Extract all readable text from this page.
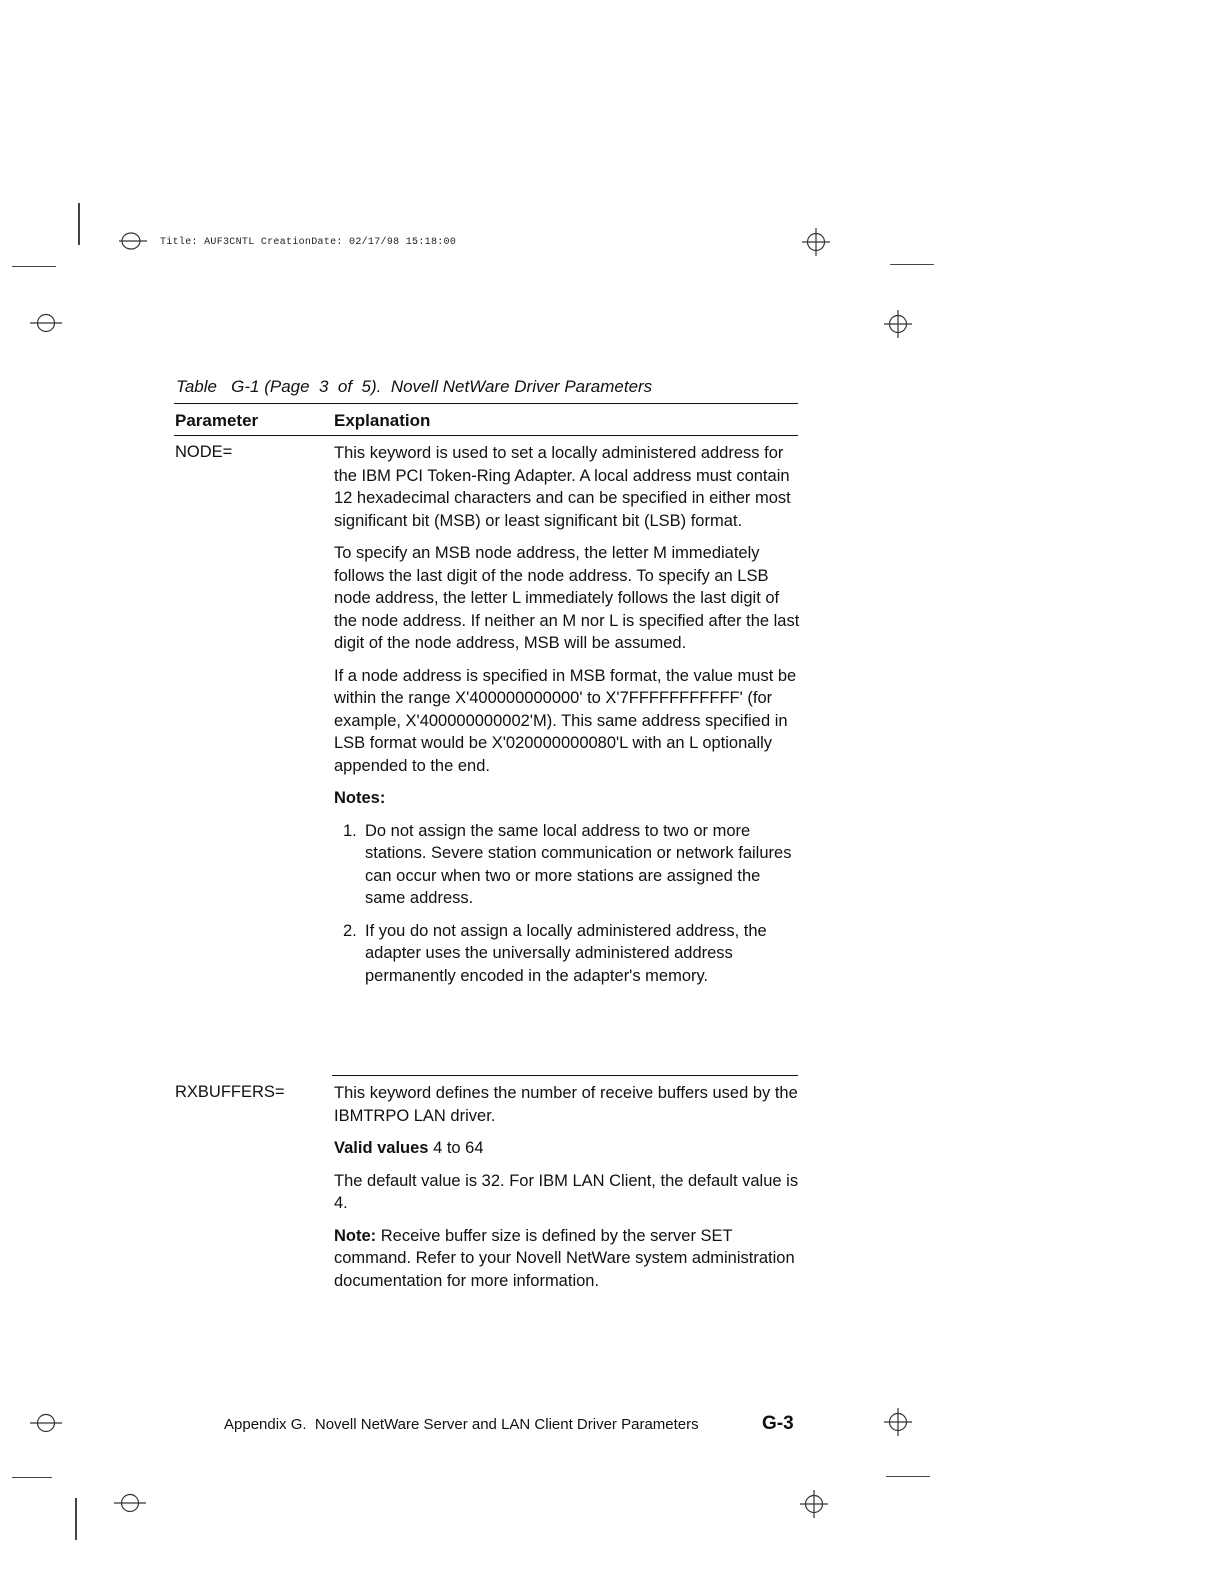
Title: AUF3CNTL CreationDate: 02/17/98 15:18:00
Table   G-1 (Page  3  of  5).  Novell NetWare Driver Parameters
Parameter	Explanation
NODE=	This keyword is used to set a locally administered address for the IBM PCI Token-Ring Adapter. A local address must contain 12 hexadecimal characters and can be specified in either most significant bit (MSB) or least significant bit (LSB) format.

To specify an MSB node address, the letter M immediately follows the last digit of the node address. To specify an LSB node address, the letter L immediately follows the last digit of the node address. If neither an M nor L is specified after the last digit of the node address, MSB will be assumed.

If a node address is specified in MSB format, the value must be within the range X'400000000000' to X'7FFFFFFFFFFF' (for example, X'400000000002'M). This same address specified in LSB format would be X'020000000080'L with an L optionally appended to the end.

Notes:

1. Do not assign the same local address to two or more stations. Severe station communication or network failures can occur when two or more stations are assigned the same address.
2. If you do not assign a locally administered address, the adapter uses the universally administered address permanently encoded in the adapter's memory.
RXBUFFERS=	This keyword defines the number of receive buffers used by the IBMTRPO LAN driver.

Valid values 4 to 64

The default value is 32. For IBM LAN Client, the default value is 4.

Note: Receive buffer size is defined by the server SET command. Refer to your Novell NetWare system administration documentation for more information.

Appendix G.  Novell NetWare Server and LAN Client Driver Parameters	G-3
